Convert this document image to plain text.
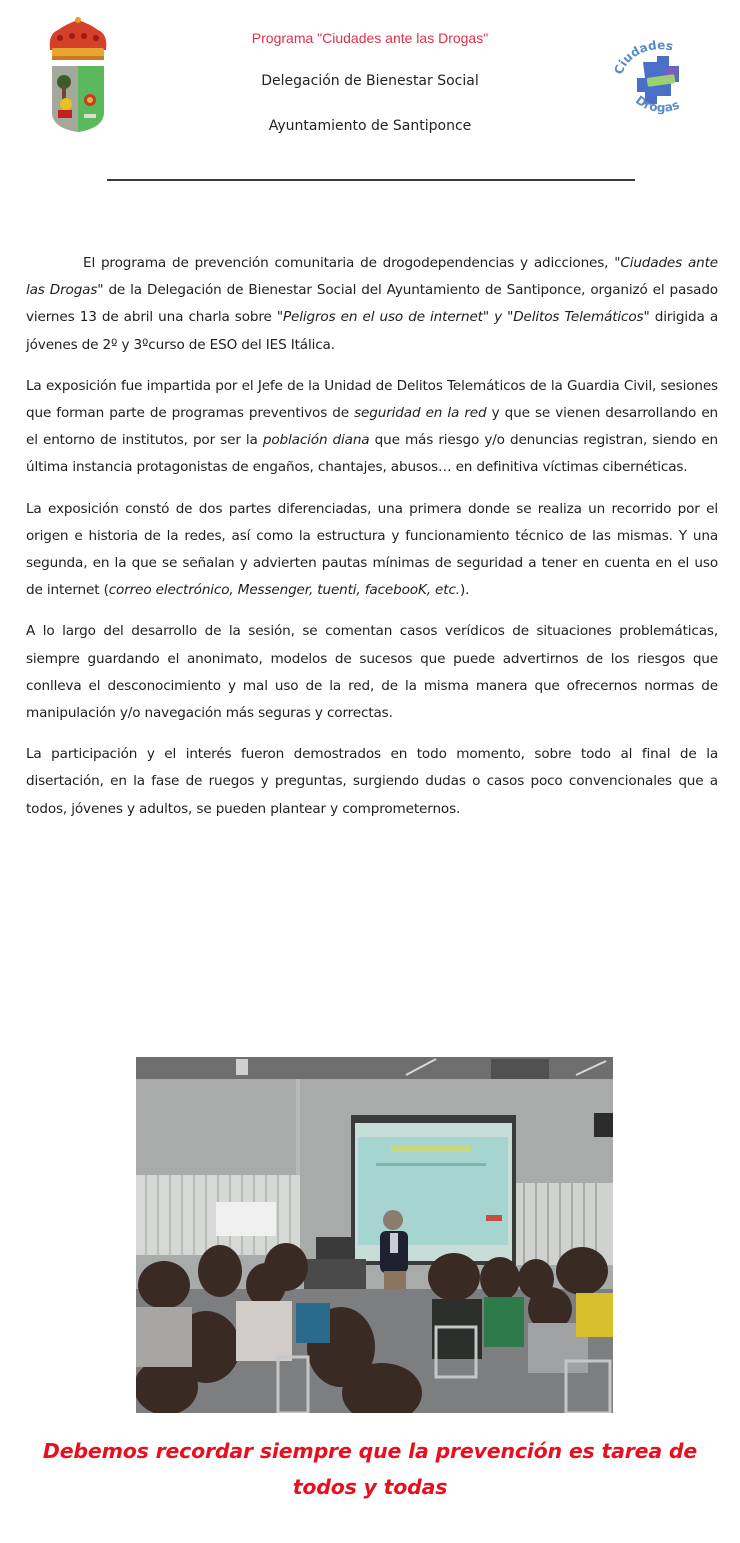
Programa "Ciudades ante las Drogas"
Delegación de Bienestar Social
Ayuntamiento de Santiponce
Ciudades
Drogas

El programa de prevención comunitaria de drogodependencias y adicciones, "Ciudades ante las Drogas" de la Delegación de Bienestar Social del Ayuntamiento de Santiponce, organizó el pasado viernes 13 de abril una charla sobre "Peligros en el uso de internet" y "Delitos Telemáticos" dirigida a jóvenes de 2º y 3ºcurso de ESO del IES Itálica.

La exposición fue impartida por el Jefe de la Unidad de Delitos Telemáticos de la Guardia Civil, sesiones que forman parte de programas preventivos de seguridad en la red y que se vienen desarrollando en el entorno de institutos, por ser la población diana que más riesgo y/o denuncias registran, siendo en última instancia protagonistas de engaños, chantajes, abusos… en definitiva víctimas cibernéticas.

La exposición constó de dos partes diferenciadas, una primera donde se realiza un recorrido por el origen e historia de la redes, así como la estructura y funcionamiento técnico de las mismas. Y una segunda, en la que se señalan y advierten pautas mínimas de seguridad a tener en cuenta en el uso de internet (correo electrónico, Messenger, tuenti, facebooK, etc.).

A lo largo del desarrollo de la sesión, se comentan casos verídicos de situaciones problemáticas, siempre guardando el anonimato, modelos de sucesos que puede advertirnos de los riesgos que conlleva el desconocimiento y mal uso de la red, de la misma manera que ofrecernos normas de manipulación y/o navegación más seguras y correctas.

La participación y el interés fueron demostrados en todo momento, sobre todo al final de la disertación, en la fase de ruegos y preguntas, surgiendo dudas o casos poco convencionales que a todos, jóvenes y adultos, se pueden plantear y comprometernos.

Debemos recordar siempre que la prevención es tarea de todos y todas
